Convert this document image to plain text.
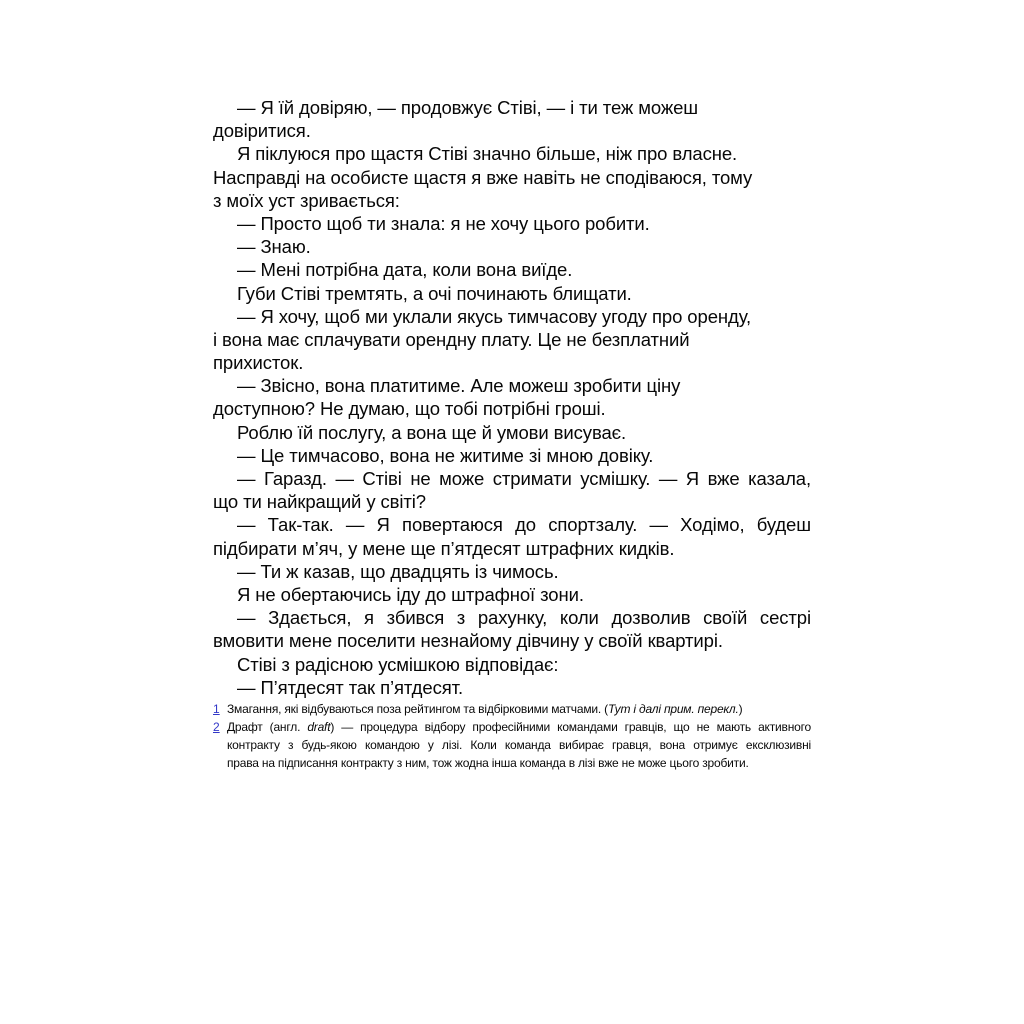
— Я їй довіряю, — продовжує Стіві, — і ти теж можеш
довіритися.
Я піклуюся про щастя Стіві значно більше, ніж про власне.
Насправді на особисте щастя я вже навіть не сподіваюся, тому
з моїх уст зривається:
— Просто щоб ти знала: я не хочу цього робити.
— Знаю.
— Мені потрібна дата, коли вона виїде.
Губи Стіві тремтять, а очі починають блищати.
— Я хочу, щоб ми уклали якусь тимчасову угоду про оренду,
і вона має сплачувати орендну плату. Це не безплатний
прихисток.
— Звісно, вона платитиме. Але можеш зробити ціну
доступною? Не думаю, що тобі потрібні гроші.
Роблю їй послугу, а вона ще й умови висуває.
— Це тимчасово, вона не житиме зі мною довіку.
— Гаразд. — Стіві не може стримати усмішку. — Я вже казала,
що ти найкращий у світі?
— Так-так. — Я повертаюся до спортзалу. — Ходімо, будеш
підбирати м’яч, у мене ще п’ятдесят штрафних кидків.
— Ти ж казав, що двадцять із чимось.
Я не обертаючись іду до штрафної зони.
— Здається, я збився з рахунку, коли дозволив своїй сестрі
вмовити мене поселити незнайому дівчину у своїй квартирі.
Стіві з радісною усмішкою відповідає:
— П’ятдесят так п’ятдесят.
1 Змагання, які відбуваються поза рейтингом та відбірковими матчами. (Тут і далі прим. перекл.)
2 Драфт (англ. draft) — процедура відбору професійними командами гравців, що не мають активного
контракту з будь-якою командою у лізі. Коли команда вибирає гравця, вона отримує ексклюзивні
права на підписання контракту з ним, тож жодна інша команда в лізі вже не може цього зробити.
